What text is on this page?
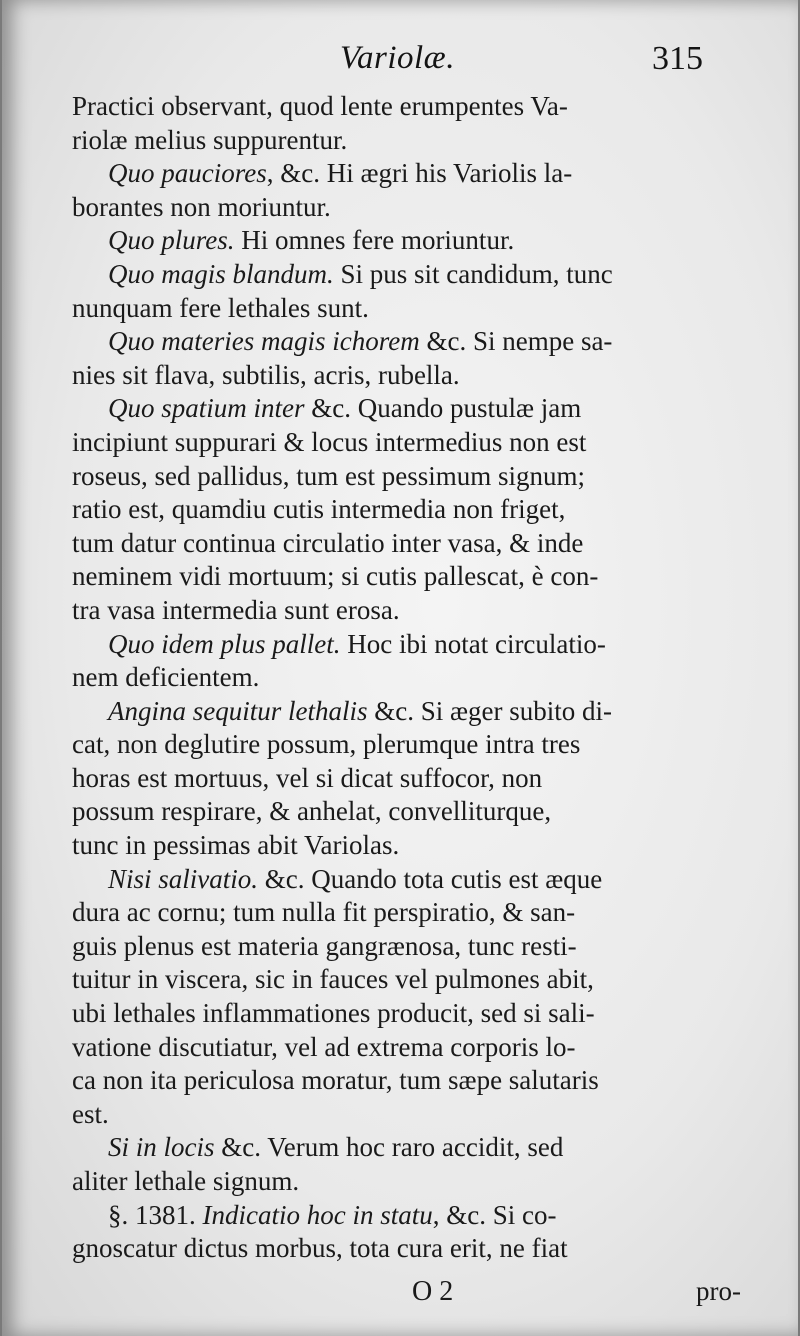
Variolæ.	315
Practici observant, quod lente erumpentes Va-
riolæ melius suppurentur.
Quo pauciores, &c. Hi ægri his Variolis la-
borantes non moriuntur.
Quo plures. Hi omnes fere moriuntur.
Quo magis blandum. Si pus sit candidum, tunc
nunquam fere lethales sunt.
Quo materies magis ichorem &c. Si nempe sa-
nies sit flava, subtilis, acris, rubella.
Quo spatium inter &c. Quando pustulæ jam
incipiunt suppurari & locus intermedius non est
roseus, sed pallidus, tum est pessimum signum;
ratio est, quamdiu cutis intermedia non friget,
tum datur continua circulatio inter vasa, & inde
neminem vidi mortuum; si cutis pallescat, è con-
tra vasa intermedia sunt erosa.
Quo idem plus pallet. Hoc ibi notat circulatio-
nem deficientem.
Angina sequitur lethalis &c. Si æger subito di-
cat, non deglutire possum, plerumque intra tres
horas est mortuus, vel si dicat suffocor, non
possum respirare, & anhelat, convelliturque,
tunc in pessimas abit Variolas.
Nisi salivatio. &c. Quando tota cutis est æque
dura ac cornu; tum nulla fit perspiratio, & san-
guis plenus est materia gangrænosa, tunc resti-
tuitur in viscera, sic in fauces vel pulmones abit,
ubi lethales inflammationes producit, sed si sali-
vatione discutiatur, vel ad extrema corporis lo-
ca non ita periculosa moratur, tum sæpe salutaris
est.
Si in locis &c. Verum hoc raro accidit, sed
aliter lethale signum.
§. 1381. Indicatio hoc in statu, &c. Si co-
gnoscatur dictus morbus, tota cura erit, ne fiat
O 2	pro-
